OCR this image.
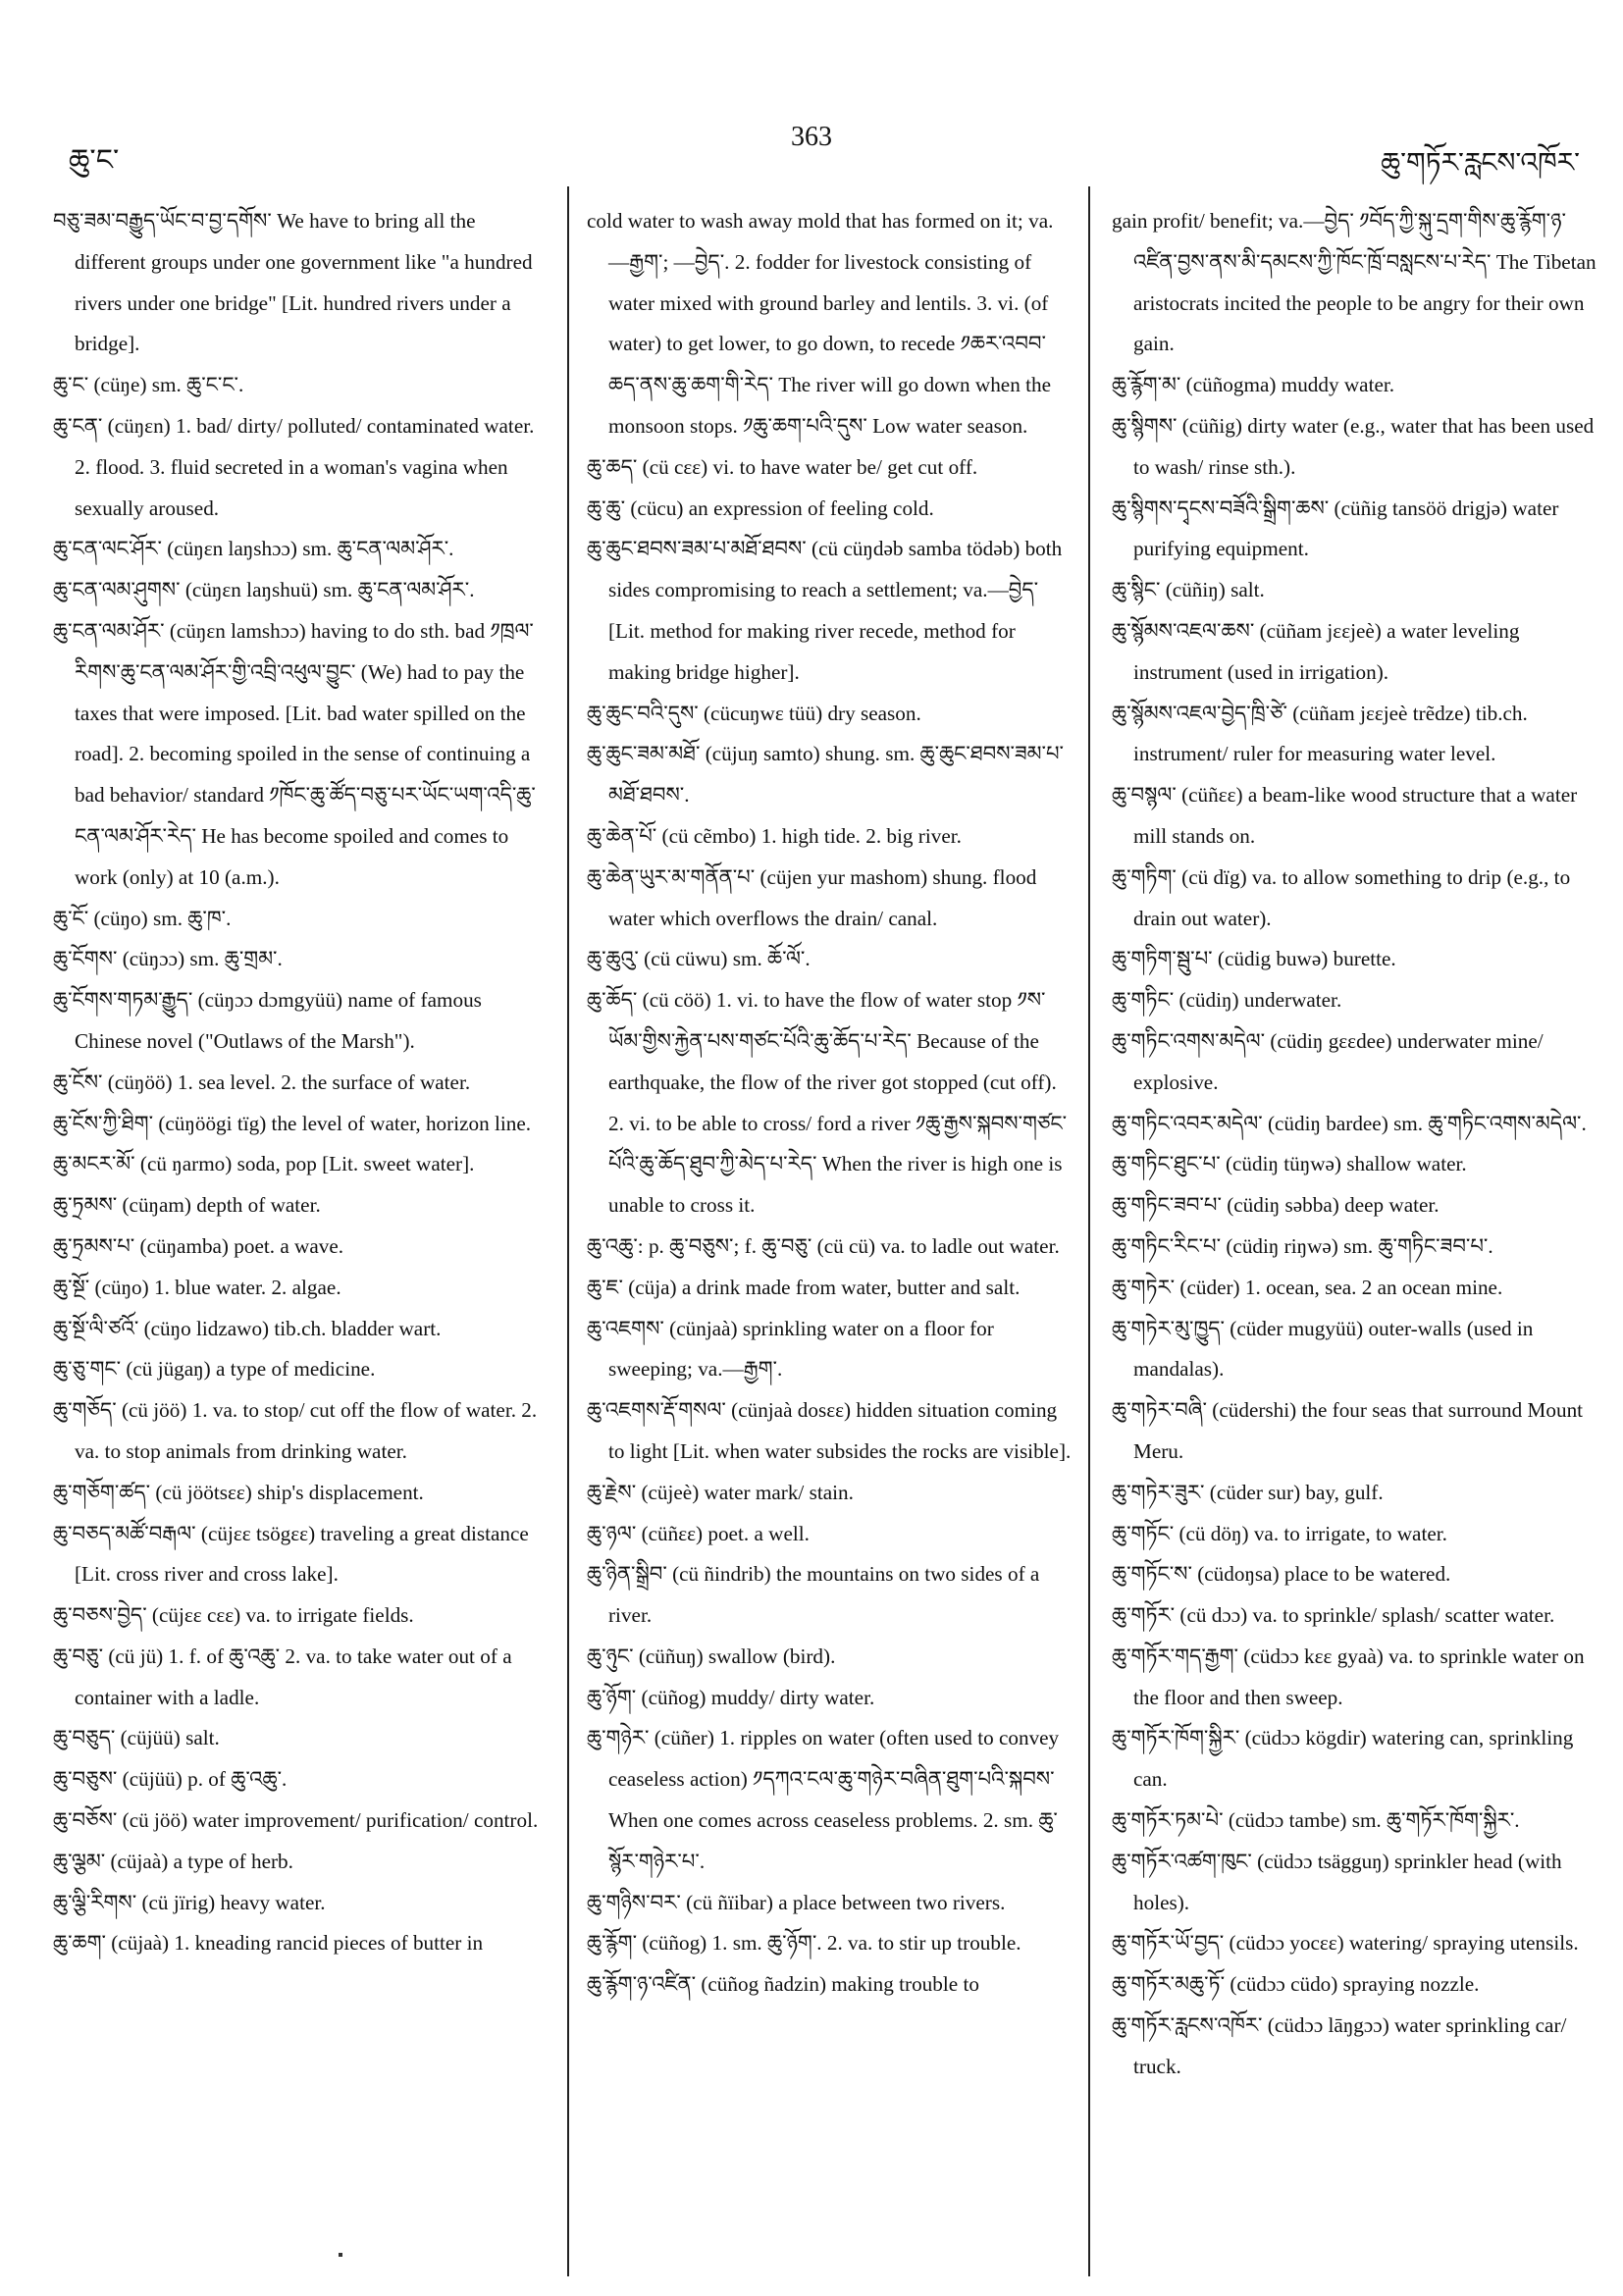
ཆུ་ང་
363
ཆུ་གཏོར་རླངས་འཁོར་

བཅུ་ཟམ་བརྒྱུད་ཡོང་བ་བྱ་དགོས་ We have to bring all the different groups under one government like "a hundred rivers under one bridge" [Lit. hundred rivers under a bridge].

ཆུ་ང་ (cüŋe) sm. ཆུ་ང་ང་.

ཆུ་ངན་ (cüŋɛn) 1. bad/ dirty/ polluted/ contaminated water. 2. flood. 3. fluid secreted in a woman's vagina when sexually aroused.

ཆུ་ངན་ལང་ཤོར་ (cüŋɛn laŋshɔɔ) sm. ཆུ་ངན་ལམ་ཤོར་.

ཆུ་ངན་ལམ་ཤུགས་ (cüŋɛn laŋshuü) sm. ཆུ་ངན་ལམ་ཤོར་.

ཆུ་ངན་ལམ་ཤོར་ (cüŋɛn lamshɔɔ) having to do sth. bad ༡ཁྲལ་རིགས་ཆུ་ངན་ལམ་ཤོར་གྱི་འབྲི་འཕུལ་བྱུང་ (We) had to pay the taxes that were imposed. [Lit. bad water spilled on the road]. 2. becoming spoiled in the sense of continuing a bad behavior/ standard ༡ཁོང་ཆུ་ཚོད་བཅུ་པར་ཡོང་ཡག་འདི་ཆུ་ངན་ལམ་ཤོར་རེད་ He has become spoiled and comes to work (only) at 10 (a.m.).

ཆུ་ངོ་ (cüŋo) sm. ཆུ་ཁ་.

ཆུ་ངོགས་ (cüŋɔɔ) sm. ཆུ་གྲམ་.

ཆུ་ངོགས་གཏམ་རྒྱུད་ (cüŋɔɔ dɔmgyüü) name of famous Chinese novel ("Outlaws of the Marsh").

ཆུ་ངོས་ (cüŋöö) 1. sea level. 2. the surface of water.

ཆུ་ངོས་ཀྱི་ཐིག་ (cüŋöögi tïg) the level of water, horizon line.

ཆུ་མངར་མོ་ (cü ŋarmo) soda, pop [Lit. sweet water].

ཆུ་ཏྲམས་ (cüŋam) depth of water.

ཆུ་ཏྲམས་པ་ (cüŋamba) poet. a wave.

ཆུ་སྔོ་ (cüŋo) 1. blue water. 2. algae.

ཆུ་སྔོ་ལི་ཙའོ་ (cüŋo lidzawo) tib.ch. bladder wart.

ཆུ་ཅུ་གང་ (cü jügaŋ) a type of medicine.

ཆུ་གཅོད་ (cü jöö) 1. va. to stop/ cut off the flow of water. 2. va. to stop animals from drinking water.

ཆུ་གཅོག་ཚད་ (cü jöötsɛɛ) ship's displacement.

ཆུ་བཅད་མཚོ་བརྒལ་ (cüjɛɛ tsögɛɛ) traveling a great distance [Lit. cross river and cross lake].

ཆུ་བཅས་བྱེད་ (cüjɛɛ cɛɛ) va. to irrigate fields.

ཆུ་བཅུ་ (cü jü) 1. f. of ཆུ་འཆུ་ 2. va. to take water out of a container with a ladle.

ཆུ་བཅུད་ (cüjüü) salt.

ཆུ་བཅུས་ (cüjüü) p. of ཆུ་འཆུ་.

ཆུ་བཅོས་ (cü jöö) water improvement/ purification/ control.

ཆུ་ལྕམ་ (cüjaà) a type of herb.

ཆུ་ལྕི་རིགས་ (cü jïrig) heavy water.

ཆུ་ཆག་ (cüjaà) 1. kneading rancid pieces of butter in

cold water to wash away mold that has formed on it; va.—རྒྱག་; —བྱེད་. 2. fodder for livestock consisting of water mixed with ground barley and lentils. 3. vi. (of water) to get lower, to go down, to recede ༡ཆར་འབབ་ཆད་ནས་ཆུ་ཆག་གི་རེད་ The river will go down when the monsoon stops. ༡ཆུ་ཆག་པའི་དུས་ Low water season.

ཆུ་ཆད་ (cü cɛɛ) vi. to have water be/ get cut off.

ཆུ་ཆུ་ (cücu) an expression of feeling cold.

ཆུ་ཆུང་ཐབས་ཟམ་པ་མཐོ་ཐབས་ (cü cüŋdəb samba tödəb) both sides compromising to reach a settlement; va.—བྱེད་ [Lit. method for making river recede, method for making bridge higher].

ཆུ་ཆུང་བའི་དུས་ (cücuŋwɛ tüü) dry season.

ཆུ་ཆུང་ཟམ་མཐོ་ (cüjuŋ samto) shung. sm. ཆུ་ཆུང་ཐབས་ཟམ་པ་མཐོ་ཐབས་.

ཆུ་ཆེན་པོ་ (cü cẽmbo) 1. high tide. 2. big river.

ཆུ་ཆེན་ཡུར་མ་གནོན་པ་ (cüjen yur mashom) shung. flood water which overflows the drain/ canal.

ཆུ་ཆུའུ་ (cü cüwu) sm. ཆོ་ལོ་.

ཆུ་ཆོད་ (cü cöö) 1. vi. to have the flow of water stop ༡ས་ཡོམ་གྱིས་རྐྱེན་པས་གཙང་པོའི་ཆུ་ཆོད་པ་རེད་ Because of the earthquake, the flow of the river got stopped (cut off). 2. vi. to be able to cross/ ford a river ༡ཆུ་རྒྱས་སྐབས་གཙང་པོའི་ཆུ་ཆོད་ཐུབ་ཀྱི་མེད་པ་རེད་ When the river is high one is unable to cross it.

ཆུ་འཆུ་: p. ཆུ་བཅུས་; f. ཆུ་བཅུ་ (cü cü) va. to ladle out water.

ཆུ་ཇ་ (cüja) a drink made from water, butter and salt.

ཆུ་འཇགས་ (cünjaà) sprinkling water on a floor for sweeping; va.—རྒྱག་.

ཆུ་འཇགས་རྡོ་གསལ་ (cünjaà dosɛɛ) hidden situation coming to light [Lit. when water subsides the rocks are visible].

ཆུ་རྗེས་ (cüjeè) water mark/ stain.

ཆུ་ཉལ་ (cüñɛɛ) poet. a well.

ཆུ་ཉིན་སྒྲིབ་ (cü ñindrib) the mountains on two sides of a river.

ཆུ་ཉུང་ (cüñuŋ) swallow (bird).

ཆུ་ཉོག་ (cüñog) muddy/ dirty water.

ཆུ་གཉེར་ (cüñer) 1. ripples on water (often used to convey ceaseless action) ༡དཀའ་ངལ་ཆུ་གཉེར་བཞིན་ཐུག་པའི་སྐབས་ When one comes across ceaseless problems. 2. sm. ཆུ་སྙོར་གཉེར་པ་.

ཆུ་གཉིས་བར་ (cü ñïibar) a place between two rivers.

ཆུ་རྙོག་ (cüñog) 1. sm. ཆུ་ཉོག་. 2. va. to stir up trouble.

ཆུ་རྙོག་ཉ་འཛིན་ (cüñog ñadzin) making trouble to

gain profit/ benefit; va.—བྱེད་ ༡བོད་ཀྱི་སྐུ་དྲག་གིས་ཆུ་རྙོག་ཉ་འཛིན་བྱས་ནས་མི་དམངས་ཀྱི་ཁོང་ཁྲོ་བསླངས་པ་རེད་ The Tibetan aristocrats incited the people to be angry for their own gain.

ཆུ་རྙོག་མ་ (cüñogma) muddy water.

ཆུ་སྙིགས་ (cüñig) dirty water (e.g., water that has been used to wash/ rinse sth.).

ཆུ་སྙིགས་དྭངས་བཟོའི་སྒྲིག་ཆས་ (cüñig tansöö drigjə) water purifying equipment.

ཆུ་སྙིང་ (cüñiŋ) salt.

ཆུ་སྙོམས་འཇལ་ཆས་ (cüñam jɛɛjeè) a water leveling instrument (used in irrigation).

ཆུ་སྙོམས་འཇལ་བྱེད་ཁྲི་ཙེ་ (cüñam jɛɛjeè trẽdze) tib.ch. instrument/ ruler for measuring water level.

ཆུ་བསྙལ་ (cüñɛɛ) a beam-like wood structure that a water mill stands on.

ཆུ་གཏིག་ (cü dïg) va. to allow something to drip (e.g., to drain out water).

ཆུ་གཏིག་སྦུ་པ་ (cüdig buwə) burette.

ཆུ་གཏིང་ (cüdiŋ) underwater.

ཆུ་གཏིང་འགས་མདེལ་ (cüdiŋ gɛɛdee) underwater mine/ explosive.

ཆུ་གཏིང་འབར་མདེལ་ (cüdiŋ bardee) sm. ཆུ་གཏིང་འགས་མདེལ་.

ཆུ་གཏིང་ཐུང་པ་ (cüdiŋ tüŋwə) shallow water.

ཆུ་གཏིང་ཟབ་པ་ (cüdiŋ səbba) deep water.

ཆུ་གཏིང་རིང་པ་ (cüdiŋ riŋwə) sm. ཆུ་གཏིང་ཟབ་པ་.

ཆུ་གཏེར་ (cüder) 1. ocean, sea. 2 an ocean mine.

ཆུ་གཏེར་མུ་ཁྱུད་ (cüder mugyüü) outer-walls (used in mandalas).

ཆུ་གཏེར་བཞི་ (cüdershi) the four seas that surround Mount Meru.

ཆུ་གཏེར་ཟུར་ (cüder sur) bay, gulf.

ཆུ་གཏོང་ (cü döŋ) va. to irrigate, to water.

ཆུ་གཏོང་ས་ (cüdoŋsa) place to be watered.

ཆུ་གཏོར་ (cü dɔɔ) va. to sprinkle/ splash/ scatter water.

ཆུ་གཏོར་གད་རྒྱག་ (cüdɔɔ kɛɛ gyaà) va. to sprinkle water on the floor and then sweep.

ཆུ་གཏོར་ཁོག་སྐྱིར་ (cüdɔɔ kögdir) watering can, sprinkling can.

ཆུ་གཏོར་ཏམ་པེ་ (cüdɔɔ tambe) sm. ཆུ་གཏོར་ཁོག་སྐྱིར་.

ཆུ་གཏོར་འཚག་ཁུང་ (cüdɔɔ tsägguŋ) sprinkler head (with holes).

ཆུ་གཏོར་ཡོ་བྱད་ (cüdɔɔ yocɛɛ) watering/ spraying utensils.

ཆུ་གཏོར་མཆུ་ཏོ་ (cüdɔɔ cüdo) spraying nozzle.

ཆུ་གཏོར་རླངས་འཁོར་ (cüdɔɔ lāŋgɔɔ) water sprinkling car/ truck.
